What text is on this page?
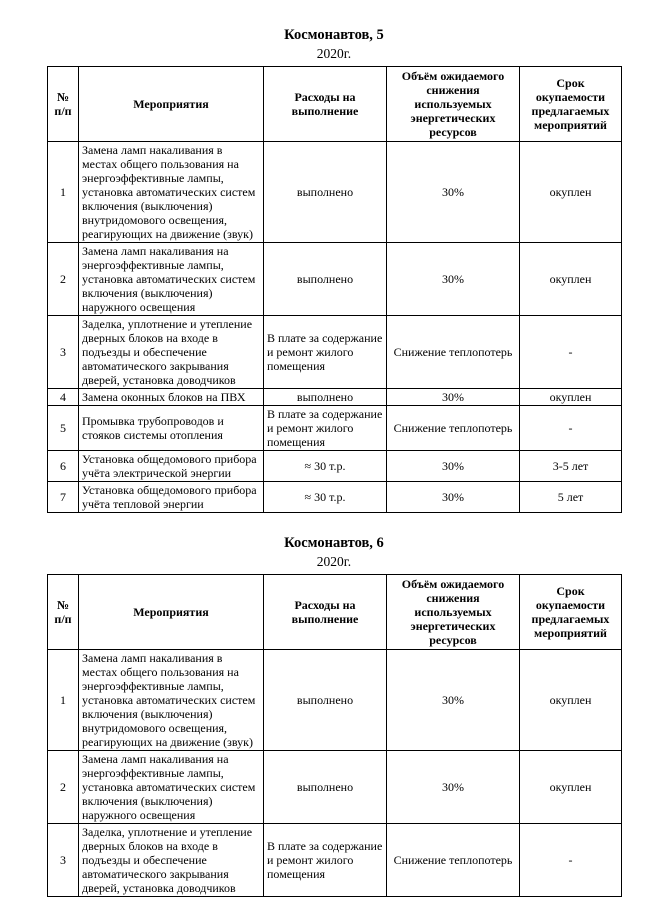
Космонавтов, 5
2020г.
№ п/п	Мероприятия	Расходы на выполнение	Объём ожидаемого снижения используемых энергетических ресурсов	Срок окупаемости предлагаемых мероприятий
1	Замена ламп накаливания в местах общего пользования на энергоэффективные лампы, установка автоматических систем включения (выключения) внутридомового освещения, реагирующих на движение (звук)	выполнено	30%	окуплен
2	Замена ламп накаливания на энергоэффективные лампы, установка автоматических систем включения (выключения) наружного освещения	выполнено	30%	окуплен
3	Заделка, уплотнение и утепление дверных блоков на входе в подъезды и обеспечение автоматического закрывания дверей, установка доводчиков	В плате за содержание и ремонт жилого помещения	Снижение теплопотерь	-
4	Замена оконных блоков на ПВХ	выполнено	30%	окуплен
5	Промывка трубопроводов и стояков системы отопления	В плате за содержание и ремонт жилого помещения	Снижение теплопотерь	-
6	Установка общедомового прибора учёта электрической энергии	≈ 30 т.р.	30%	3-5 лет
7	Установка общедомового прибора учёта тепловой энергии	≈ 30 т.р.	30%	5 лет
Космонавтов, 6
2020г.
№ п/п	Мероприятия	Расходы на выполнение	Объём ожидаемого снижения используемых энергетических ресурсов	Срок окупаемости предлагаемых мероприятий
1	Замена ламп накаливания в местах общего пользования на энергоэффективные лампы, установка автоматических систем включения (выключения) внутридомового освещения, реагирующих на движение (звук)	выполнено	30%	окуплен
2	Замена ламп накаливания на энергоэффективные лампы, установка автоматических систем включения (выключения) наружного освещения	выполнено	30%	окуплен
3	Заделка, уплотнение и утепление дверных блоков на входе в подъезды и обеспечение автоматического закрывания дверей, установка доводчиков	В плате за содержание и ремонт жилого помещения	Снижение теплопотерь	-
